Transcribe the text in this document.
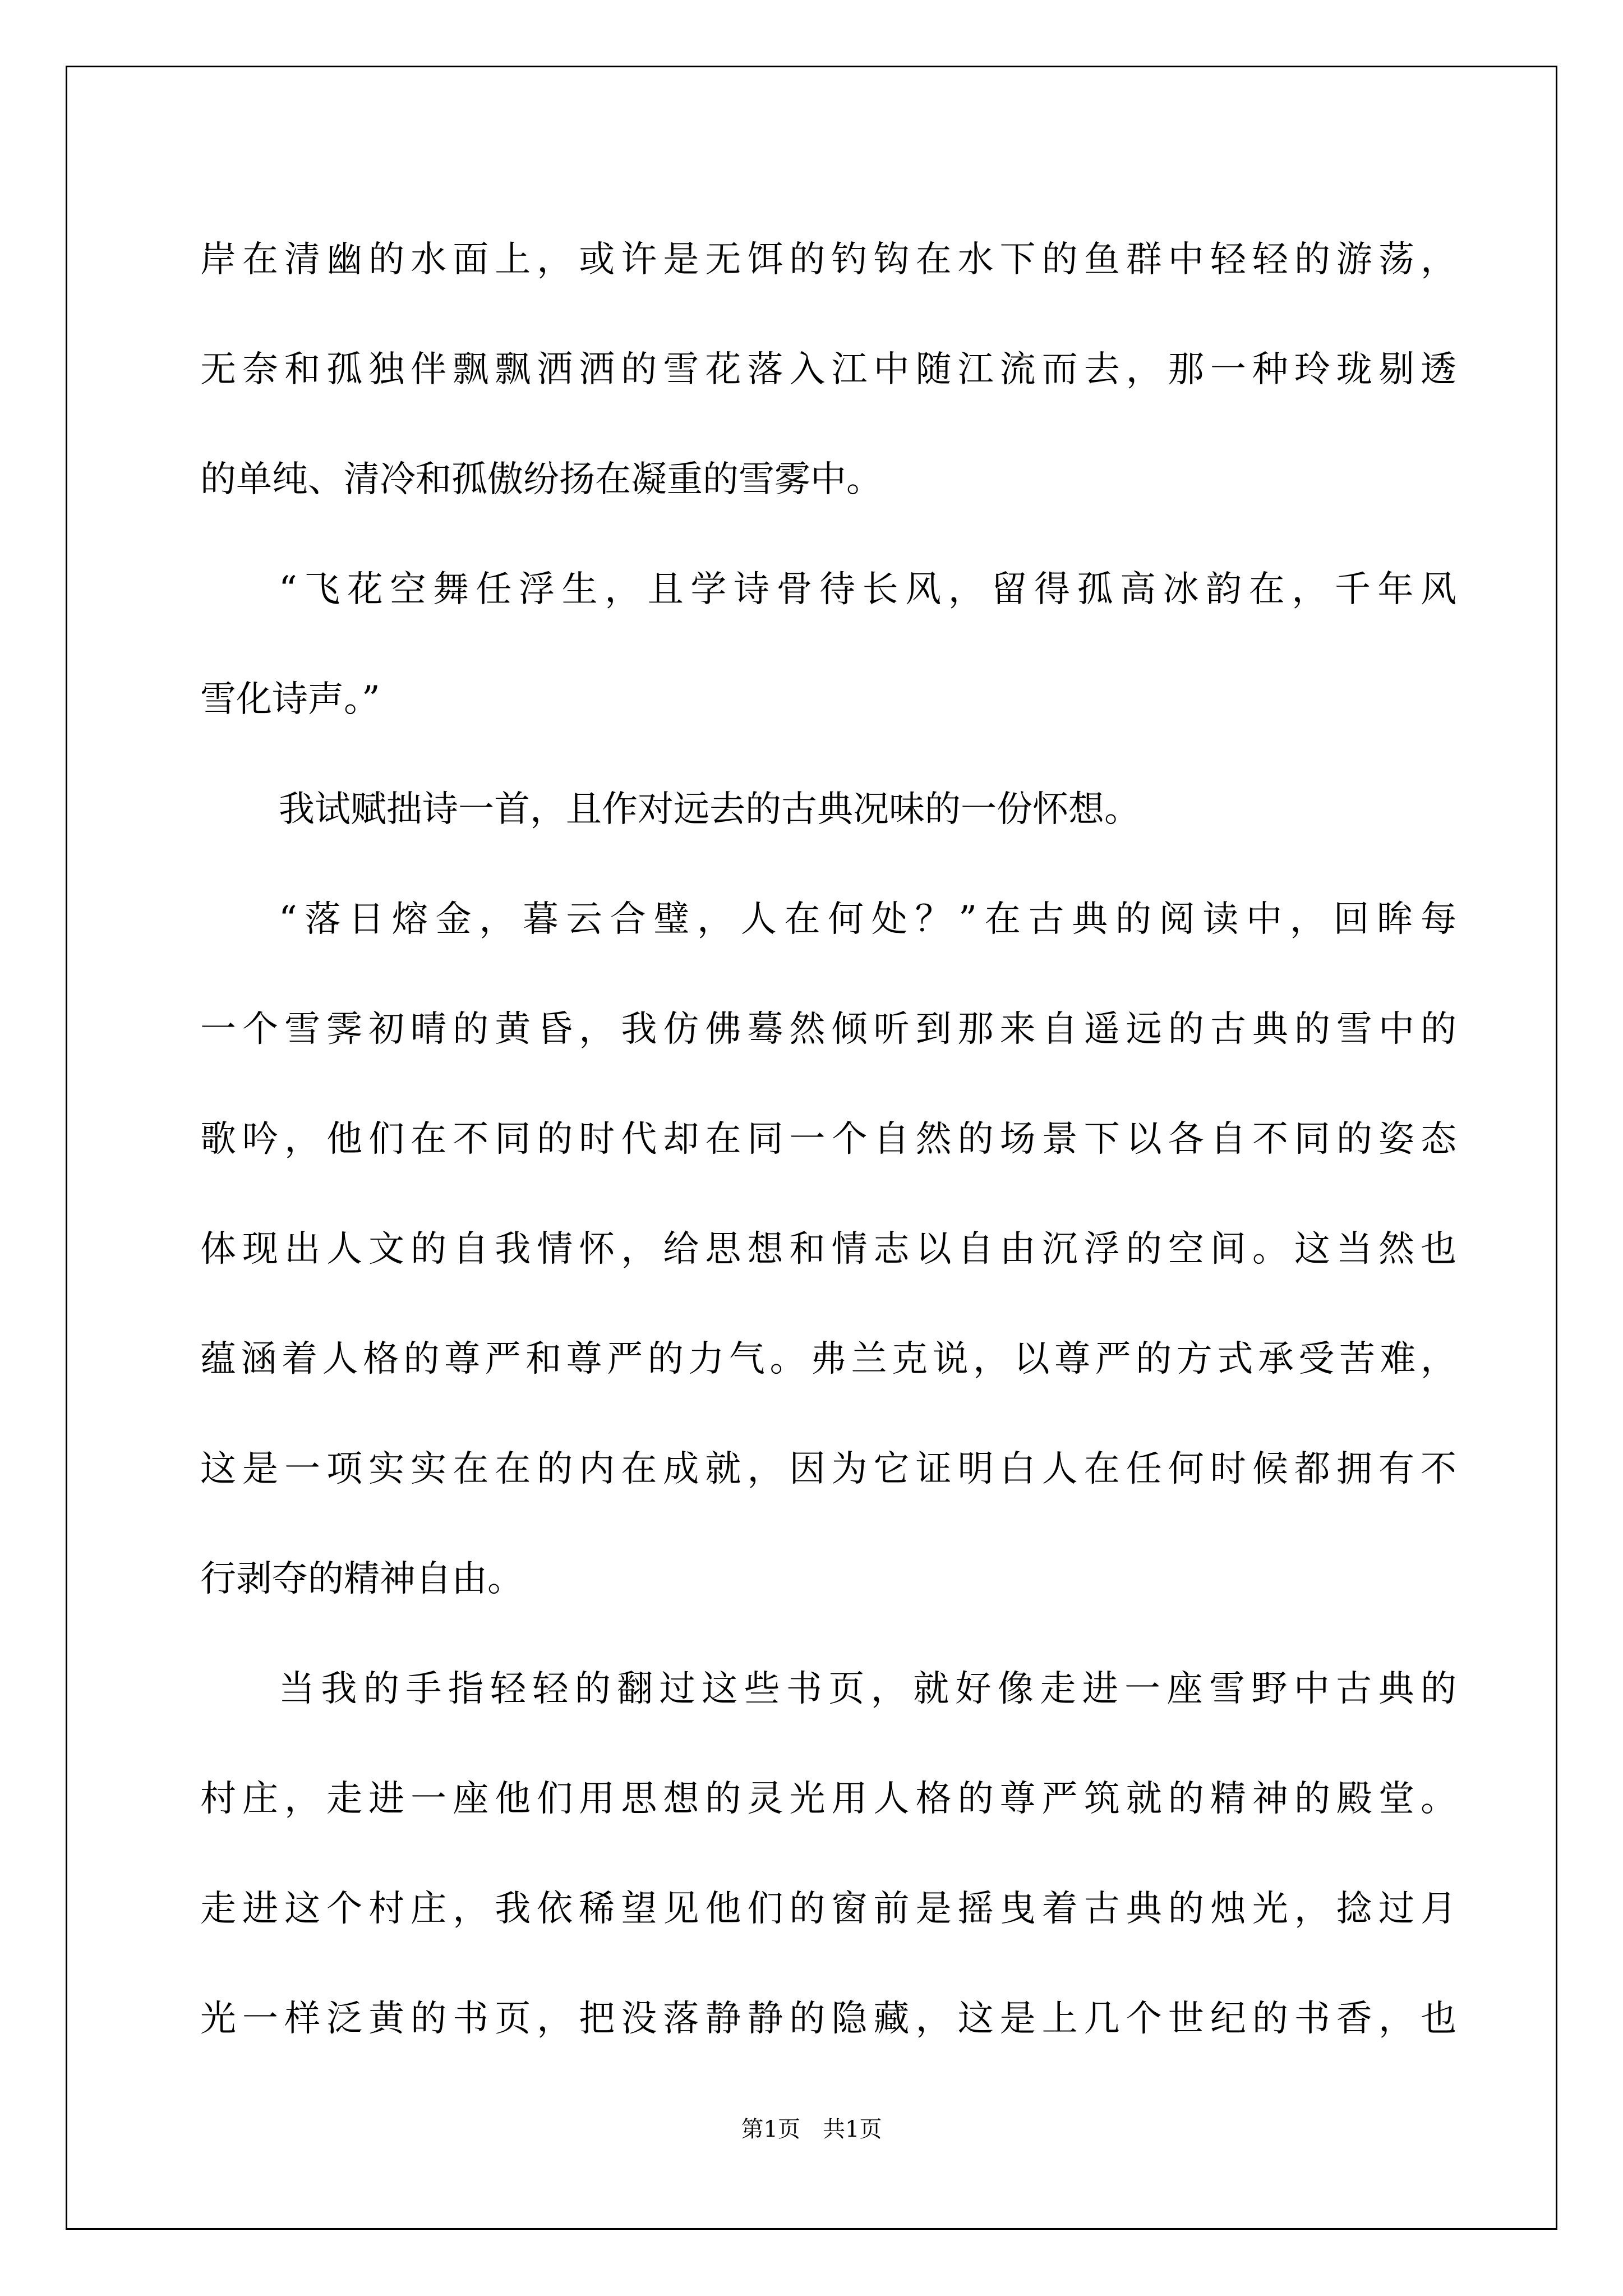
岸在清幽的水面上，或许是无饵的钓钩在水下的鱼群中轻轻的游荡，
无奈和孤独伴飘飘洒洒的雪花落入江中随江流而去，那一种玲珑剔透
的单纯、清冷和孤傲纷扬在凝重的雪雾中。
“飞花空舞任浮生，且学诗骨待长风，留得孤高冰韵在，千年风
雪化诗声。”
我试赋拙诗一首，且作对远去的古典况味的一份怀想。
“落日熔金，暮云合璧，人在何处？”在古典的阅读中，回眸每
一个雪霁初晴的黄昏，我仿佛蓦然倾听到那来自遥远的古典的雪中的
歌吟，他们在不同的时代却在同一个自然的场景下以各自不同的姿态
体现出人文的自我情怀，给思想和情志以自由沉浮的空间。这当然也
蕴涵着人格的尊严和尊严的力气。弗兰克说，以尊严的方式承受苦难，
这是一项实实在在的内在成就，因为它证明白人在任何时候都拥有不
行剥夺的精神自由。
当我的手指轻轻的翻过这些书页，就好像走进一座雪野中古典的
村庄，走进一座他们用思想的灵光用人格的尊严筑就的精神的殿堂。
走进这个村庄，我依稀望见他们的窗前是摇曳着古典的烛光，捻过月
光一样泛黄的书页，把没落静静的隐藏，这是上几个世纪的书香，也
第1页　共1页
